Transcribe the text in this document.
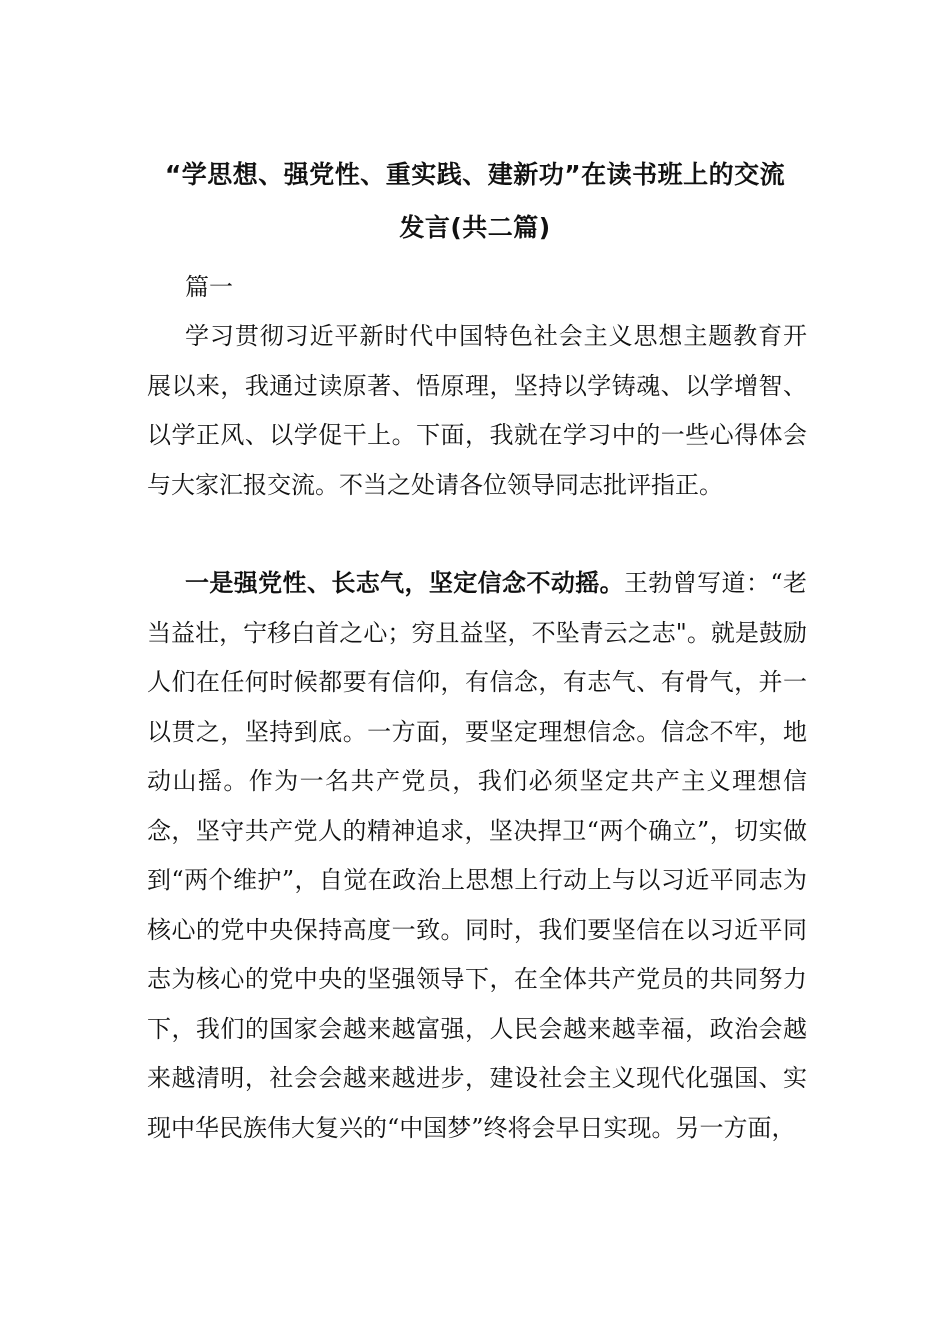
“学思想、强党性、重实践、建新功”在读书班上的交流
发言(共二篇)
篇一
学习贯彻习近平新时代中国特色社会主义思想主题教育开展以来，我通过读原著、悟原理，坚持以学铸魂、以学增智、以学正风、以学促干上。下面，我就在学习中的一些心得体会与大家汇报交流。不当之处请各位领导同志批评指正。
一是强党性、长志气，坚定信念不动摇。王勃曾写道：“老当益壮，宁移白首之心；穷且益坚，不坠青云之志"。就是鼓励人们在任何时候都要有信仰，有信念，有志气、有骨气，并一以贯之，坚持到底。一方面，要坚定理想信念。信念不牢，地动山摇。作为一名共产党员，我们必须坚定共产主义理想信念，坚守共产党人的精神追求，坚决捍卫“两个确立”，切实做到“两个维护”，自觉在政治上思想上行动上与以习近平同志为核心的党中央保持高度一致。同时，我们要坚信在以习近平同志为核心的党中央的坚强领导下，在全体共产党员的共同努力下，我们的国家会越来越富强，人民会越来越幸福，政治会越来越清明，社会会越来越进步，建设社会主义现代化强国、实现中华民族伟大复兴的“中国梦”终将会早日实现。另一方面，
